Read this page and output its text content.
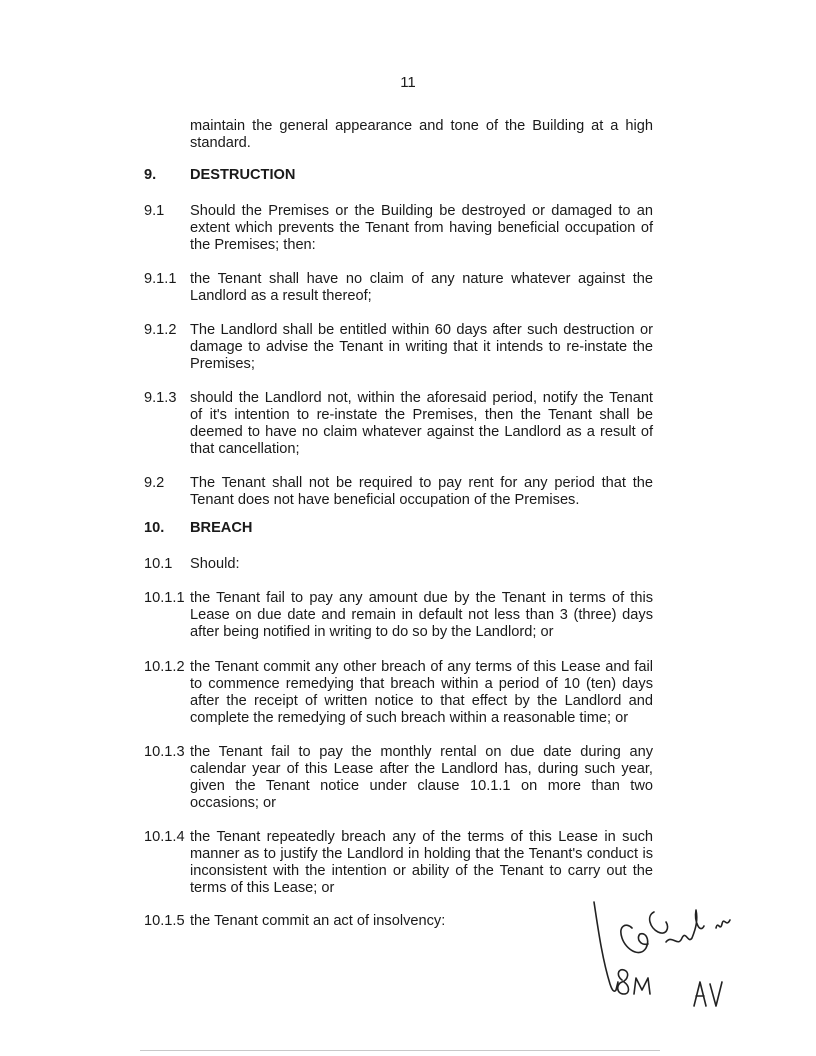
11
maintain the general appearance and tone of the Building at a high
standard.
9. DESTRUCTION
9.1 Should the Premises or the Building be destroyed or damaged to an
extent which prevents the Tenant from having beneficial occupation of
the Premises; then:
9.1.1 the Tenant shall have no claim of any nature whatever against the
Landlord as a result thereof;
9.1.2 The Landlord shall be entitled within 60 days after such destruction or
damage to advise the Tenant in writing that it intends to re-instate the
Premises;
9.1.3 should the Landlord not, within the aforesaid period, notify the Tenant
of it's intention to re-instate the Premises, then the Tenant shall be
deemed to have no claim whatever against the Landlord as a result of
that cancellation;
9.2 The Tenant shall not be required to pay rent for any period that the
Tenant does not have beneficial occupation of the Premises.
10. BREACH
10.1 Should:
10.1.1 the Tenant fail to pay any amount due by the Tenant in terms of this
Lease on due date and remain in default not less than 3 (three) days
after being notified in writing to do so by the Landlord; or
10.1.2 the Tenant commit any other breach of any terms of this Lease and fail
to commence remedying that breach within a period of 10 (ten) days
after the receipt of written notice to that effect by the Landlord and
complete the remedying of such breach within a reasonable time; or
10.1.3 the Tenant fail to pay the monthly rental on due date during any
calendar year of this Lease after the Landlord has, during such year,
given the Tenant notice under clause 10.1.1 on more than two
occasions; or
10.1.4 the Tenant repeatedly breach any of the terms of this Lease in such
manner as to justify the Landlord in holding that the Tenant's conduct is
inconsistent with the intention or ability of the Tenant to carry out the
terms of this Lease; or
10.1.5 the Tenant commit an act of insolvency:
